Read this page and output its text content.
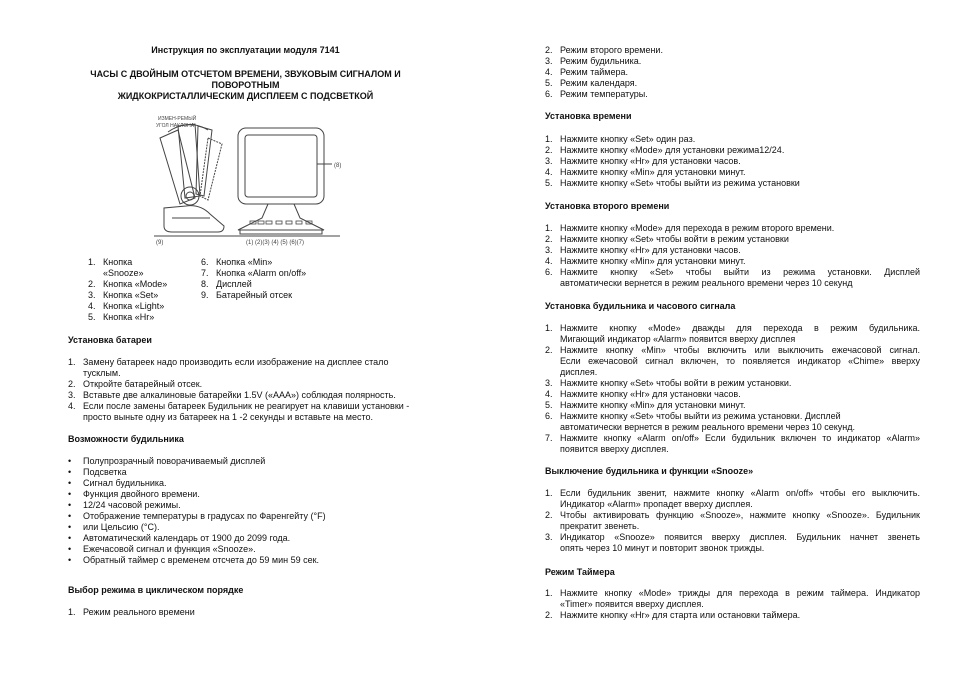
Инструкция по эксплуатации модуля 7141
ЧАСЫ С ДВОЙНЫМ ОТСЧЕТОМ ВРЕМЕНИ, ЗВУКОВЫМ СИГНАЛОМ И
ПОВОРОТНЫМ
ЖИДКОКРИСТАЛЛИЧЕСКИМ ДИСПЛЕЕМ С ПОДСВЕТКОЙ
ИЗМЕН-РЕМЫЙ
УГОЛ НАКЛОНА
(8)
(9)	(1) (2)(3) (4) (5) (6)(7)
1. Кнопка
«Snooze»
2. Кнопка «Mode»
3. Кнопка «Set»
4. Кнопка «Light»
5. Кнопка «Hr»
6. Кнопка «Min»
7. Кнопка «Alarm on/off»
8. Дисплей
9. Батарейный отсек
Установка батареи
1. Замену батареек надо производить если изображение на дисплее стало
тусклым.
2. Откройте батарейный отсек.
3. Вставьте две алкалиновые батарейки 1.5V («AAA») соблюдая полярность.
4. Если после замены батареек Будильник не реагирует на клавиши установки -
просто выньте одну из батареек на 1 -2 секунды и вставьте на место.
Возможности будильника
•	Полупрозрачный поворачиваемый дисплей
•	Подсветка
•	Сигнал будильника.
•	Функция двойного времени.
•	12/24 часовой режимы.
•	Отображение температуры в градусах по Фаренгейту (°F)
•	или Цельсию (°C).
•	Автоматический календарь от 1900 до 2099 года.
•	Ежечасовой сигнал и функция «Snooze».
•	Обратный таймер с временем отсчета до 59 мин 59 сек.
Выбор режима в циклическом порядке
1. Режим реального времени
2. Режим второго времени.
3. Режим будильника.
4. Режим таймера.
5. Режим календаря.
6. Режим температуры.
Установка времени
1. Нажмите кнопку «Set» один раз.
2. Нажмите кнопку «Mode» для установки режима12/24.
3. Нажмите кнопку «Hr» для установки часов.
4. Нажмите кнопку «Min» для установки минут.
5. Нажмите кнопку «Set» чтобы выйти из режима установки
Установка второго времени
1. Нажмите кнопку «Mode» для перехода в режим второго времени.
2. Нажмите кнопку «Set» чтобы войти в режим установки
3. Нажмите кнопку «Hr» для установки часов.
4. Нажмите кнопку «Min» для установки минут.
6. Нажмите кнопку «Set» чтобы выйти из режима установки. Дисплей
автоматически вернется в режим реального времени через 10 секунд
Установка будильника и часового сигнала
1. Нажмите кнопку «Mode» дважды для перехода в режим будильника.
Мигающий индикатор «Alarm» появится вверху дисплея
2. Нажмите кнопку «Min» чтобы включить или выключить ежечасовой сигнал.
Если ежечасовой сигнал включен, то появляется индикатор «Chime» вверху
дисплея.
3. Нажмите кнопку «Set» чтобы войти в режим установки.
4. Нажмите кнопку «Hr» для установки часов.
5. Нажмите кнопку «Min» для установки минут.
6. Нажмите кнопку «Set» чтобы выйти из режима установки. Дисплей
автоматически вернется в режим реального времени через 10 секунд.
7. Нажмите кнопку «Alarm on/off» Если будильник включен то индикатор «Alarm»
появится вверху дисплея.
Выключение будильника и функции «Snooze»
1. Если будильник звенит, нажмите кнопку «Alarm on/off» чтобы его выключить.
Индикатор «Alarm» пропадет вверху дисплея.
2. Чтобы активировать функцию «Snooze», нажмите кнопку «Snooze». Будильник
прекратит звенеть.
3. Индикатор «Snooze» появится вверху дисплея. Будильник начнет звенеть
опять через 10 минут и повторит звонок трижды.
Режим Таймера
1. Нажмите кнопку «Mode» трижды для перехода в режим таймера. Индикатор
«Timer» появится вверху дисплея.
2. Нажмите кнопку «Hr» для старта или остановки таймера.
